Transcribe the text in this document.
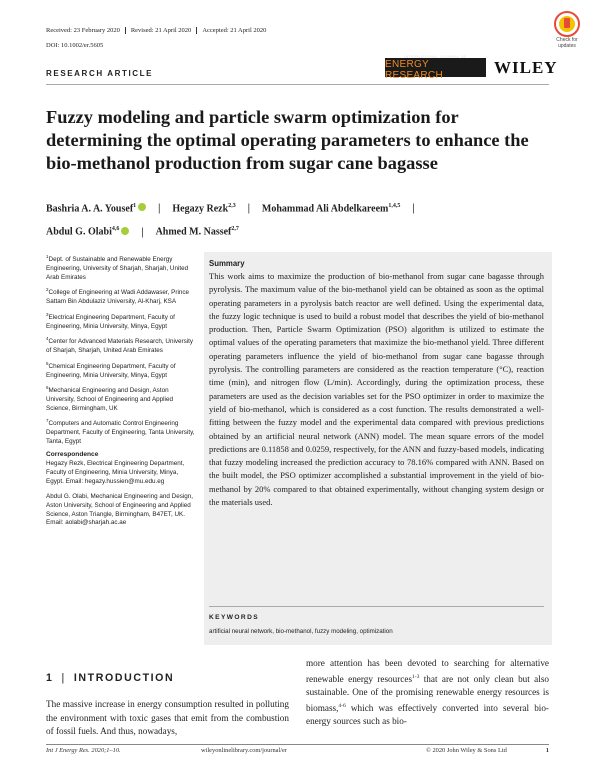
Received: 23 February 2020	Revised: 21 April 2020	Accepted: 21 April 2020
DOI: 10.1002/er.5605
Check for updates
RESEARCH ARTICLE
INTERNATIONAL JOURNAL OF
ENERGY RESEARCH	WILEY
Fuzzy modeling and particle swarm optimization for determining the optimal operating parameters to enhance the bio-methanol production from sugar cane bagasse
Bashria A. A. Yousef$^1$ | Hegazy Rezk$^{2,3}$ | Mohammad Ali Abdelkareem$^{1,4,5}$ |
Abdul G. Olabi$^{4,6}$ | Ahmed M. Nassef$^{2,7}$
$^1$Dept. of Sustainable and Renewable Energy Engineering, University of Sharjah, Sharjah, United Arab Emirates
$^2$College of Engineering at Wadi Addawaser, Prince Sattam Bin Abdulaziz University, Al-Kharj, KSA
$^3$Electrical Engineering Department, Faculty of Engineering, Minia University, Minya, Egypt
$^4$Center for Advanced Materials Research, University of Sharjah, Sharjah, United Arab Emirates
$^5$Chemical Engineering Department, Faculty of Engineering, Minia University, Minya, Egypt
$^6$Mechanical Engineering and Design, Aston University, School of Engineering and Applied Science, Birmingham, UK
$^7$Computers and Automatic Control Engineering Department, Faculty of Engineering, Tanta University, Tanta, Egypt
Correspondence
Hegazy Rezk, Electrical Engineering Department, Faculty of Engineering, Minia University, Minya, Egypt. Email: hegazy.hussien@mu.edu.eg
Abdul G. Olabi, Mechanical Engineering and Design, Aston University, School of Engineering and Applied Science, Aston Triangle, Birmingham, B47ET, UK. Email: aolabi@sharjah.ac.ae
Summary

This work aims to maximize the production of bio-methanol from sugar cane bagasse through pyrolysis. The maximum value of the bio-methanol yield can be obtained as soon as the optimal operating parameters in a pyrolysis batch reactor are well defined. Using the experimental data, the fuzzy logic technique is used to build a robust model that describes the yield of bio-methanol production. Then, Particle Swarm Optimization (PSO) algorithm is utilized to estimate the optimal values of the operating parameters that maximize the bio-methanol yield. Three different operating parameters influence the yield of bio-methanol from sugar cane bagasse through pyrolysis. The controlling parameters are considered as the reaction temperature (°C), reaction time (min), and nitrogen flow (L/min). Accordingly, during the optimization process, these parameters are used as the decision variables set for the PSO optimizer in order to maximize the yield of bio-methanol, which is considered as a cost function. The results demonstrated a well-fitting between the fuzzy model and the experimental data compared with previous predictions obtained by an artificial neural network (ANN) model. The mean square errors of the model predictions are 0.11858 and 0.0259, respectively, for the ANN and fuzzy-based models, indicating that fuzzy modeling increased the prediction accuracy to 78.16% compared with ANN. Based on the built model, the PSO optimizer accomplished a substantial improvement in the yield of bio-methanol by 20% compared to that obtained experimentally, without changing system design or the materials used.

KEYWORDS
artificial neural network, bio-methanol, fuzzy modeling, optimization
1 | INTRODUCTION

The massive increase in energy consumption resulted in polluting the environment with toxic gases that emit from the combustion of fossil fuels. And thus, nowadays,

more attention has been devoted to searching for alternative renewable energy resources$^{1-3}$ that are not only clean but also sustainable. One of the promising renewable energy resources is biomass,$^{4-6}$ which was effectively converted into several bio-energy sources such as bio-

Int J Energy Res. 2020;1–10.	wileyonlinelibrary.com/journal/er	© 2020 John Wiley & Sons Ltd	1
